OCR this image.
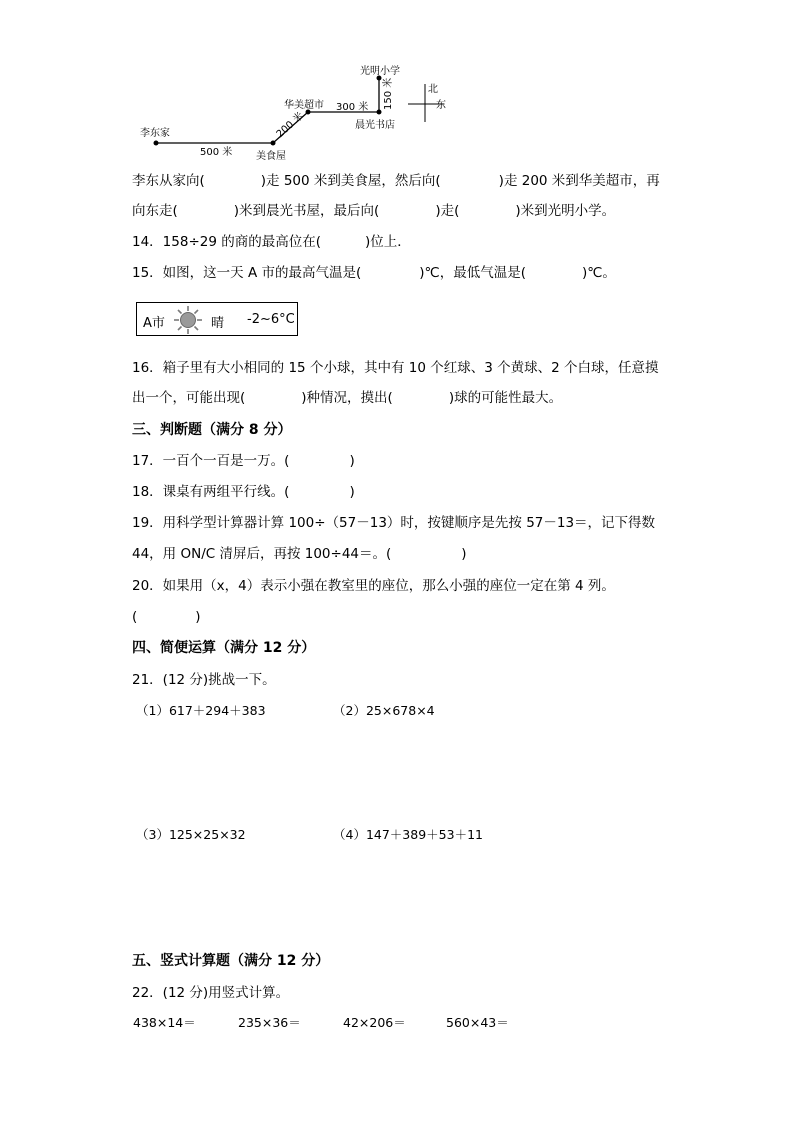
李东家
美食屋
华美超市
晨光书店
光明小学
500 米
200 米
300 米 150 米	北
东
李东从家向(	)走 500 米到美食屋，然后向(	)走 200 米到华美超市，再
向东走(	)米到晨光书屋，最后向(	)走(	)米到光明小学。
14．158÷29 的商的最高位在(	)位上．
15．如图，这一天 A 市的最高气温是(	)℃，最低气温是(	)℃。
A市	晴 -2~6°C
16．箱子里有大小相同的 15 个小球，其中有 10 个红球、3 个黄球、2 个白球，任意摸
出一个，可能出现(	)种情况，摸出(	)球的可能性最大。
三、判断题（满分 8 分）
17．一百个一百是一万。(	)
18．课桌有两组平行线。(	)
19．用科学型计算器计算 100÷（57－13）时，按键顺序是先按 57－13＝，记下得数
44，用 ON/C 清屏后，再按 100÷44＝。(	)
20．如果用（x，4）表示小强在教室里的座位，那么小强的座位一定在第 4 列。
(	)
四、简便运算（满分 12 分）
21．(12 分)挑战一下。
（1）617＋294＋383	（2）25×678×4
（3）125×25×32	（4）147＋389＋53＋11
五、竖式计算题（满分 12 分）
22．(12 分)用竖式计算。
438×14＝	235×36＝	42×206＝	560×43＝
